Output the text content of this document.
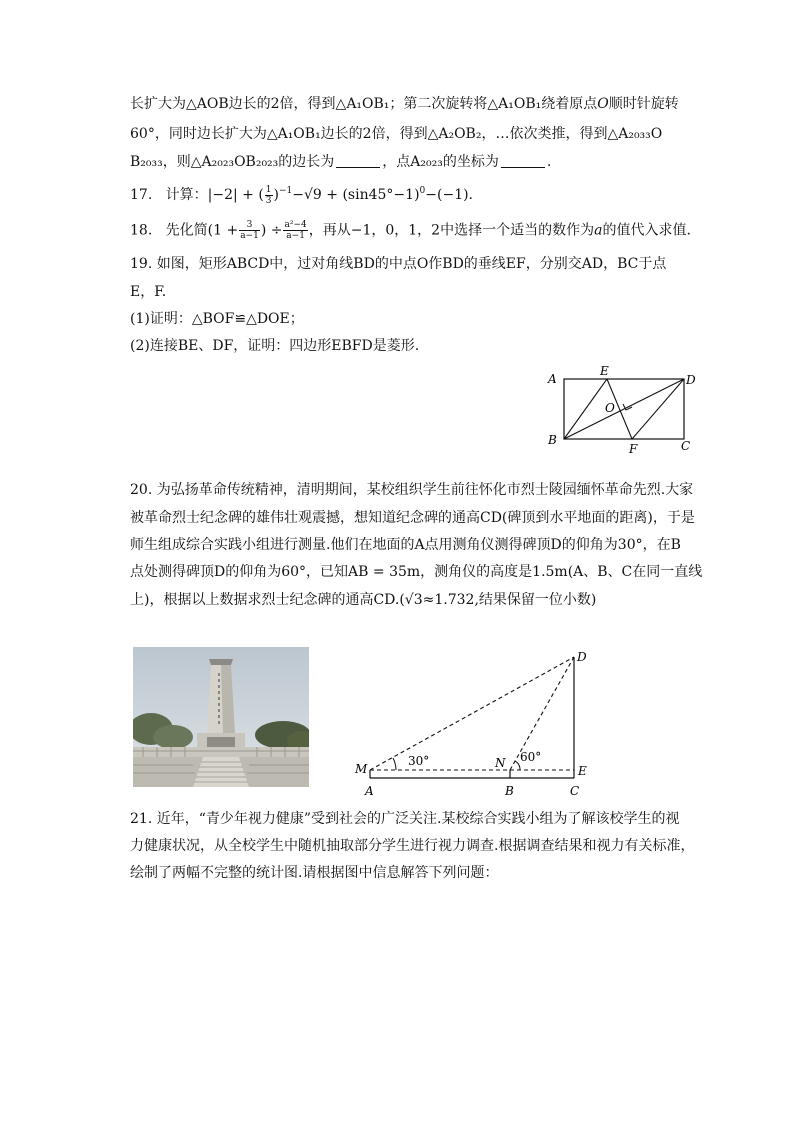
长扩大为△AOB边长的2倍，得到△A₁OB₁；第二次旋转将△A₁OB₁绕着原点O顺时针旋转
60°，同时边长扩大为△A₁OB₁边长的2倍，得到△A₂OB₂，…依次类推，得到△A₂₀₃₃O
B₂₀₃₃，则△A₂₀₂₃OB₂₀₂₃的边长为	，点A₂₀₂₃的坐标为	.
17. 计算：|−2| + ( $\frac{1}{3} )^{-1}-√9 + (\sin 45^\circ-1)^0-(-1)$.
18. 先化简($1 + \frac{3}{a-1}$ ) ÷ $\frac{\text{a²−4}}{a-1}$ ，再从−1，0，1，2中选择一个适当的数作为a的值代入求值.
19. 如图，矩形ABCD中，过对角线BD的中点O作BD的垂线EF，分别交AD，BC于点
E，F.
(1)证明：△BOF≌△DOE；
(2)连接BE、DF，证明：四边形EBFD是菱形.
A
B	C
D
E
F
O
20. 为弘扬革命传统精神，清明期间，某校组织学生前往怀化市烈士陵园缅怀革命先烈.大家
被革命烈士纪念碑的雄伟壮观震撼，想知道纪念碑的通高CD(碑顶到水平地面的距离)，于是
师生组成综合实践小组进行测量.他们在地面的A点用测角仪测得碑顶D的仰角为30°，在B
点处测得碑顶D的仰角为60°，已知AB = 35m，测角仪的高度是1.5m(A、B、C在同一直线
上)，根据以上数据求烈士纪念碑的通高CD.(√3≈1.732,结果保留一位小数)
D
M
A
N
B
E
C
30°	60°
21. 近年，“青少年视力健康”受到社会的广泛关注.某校综合实践小组为了解该校学生的视
力健康状况，从全校学生中随机抽取部分学生进行视力调查.根据调查结果和视力有关标准，
绘制了两幅不完整的统计图.请根据图中信息解答下列问题：
